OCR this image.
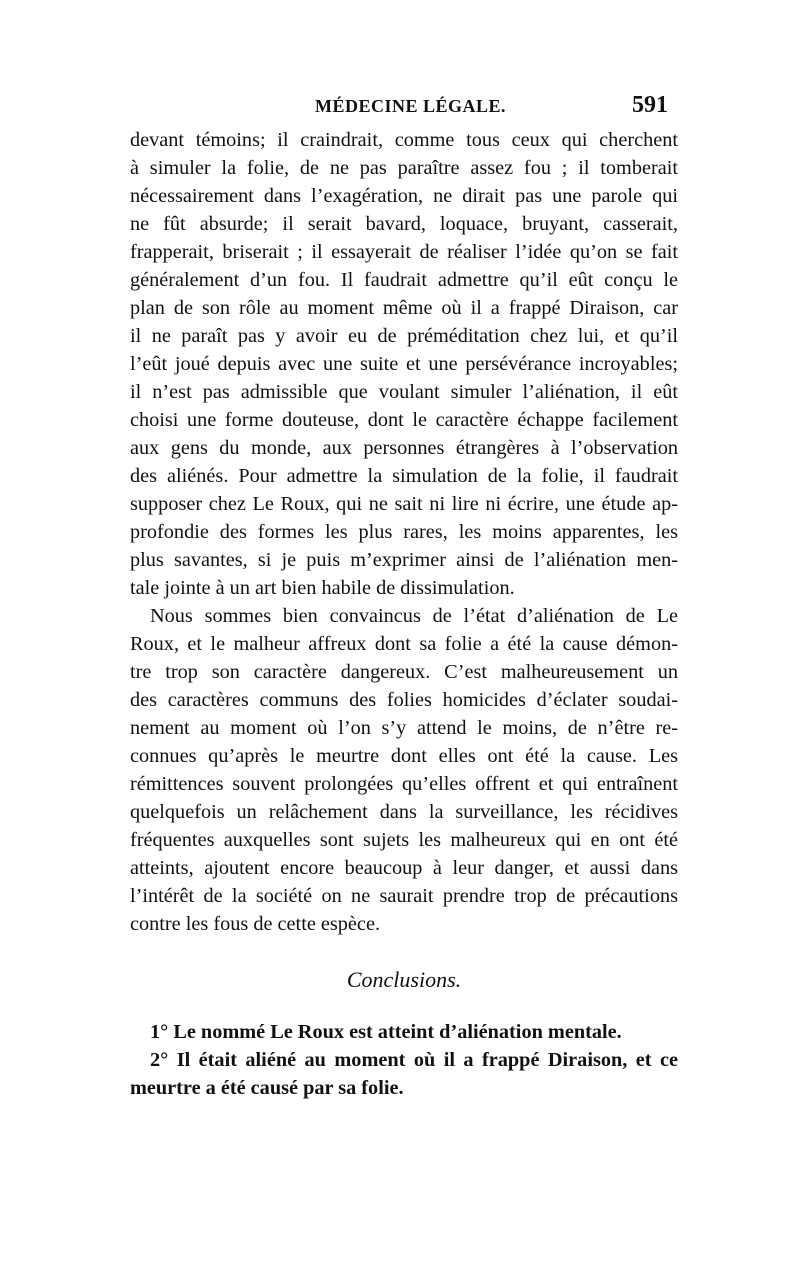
MÉDECINE LÉGALE.	591
devant témoins; il craindrait, comme tous ceux qui cherchent
à simuler la folie, de ne pas paraître assez fou ; il tomberait
nécessairement dans l’exagération, ne dirait pas une parole qui
ne fût absurde; il serait bavard, loquace, bruyant, casserait,
frapperait, briserait ; il essayerait de réaliser l’idée qu’on se fait
généralement d’un fou. Il faudrait admettre qu’il eût conçu le
plan de son rôle au moment même où il a frappé Diraison, car
il ne paraît pas y avoir eu de préméditation chez lui, et qu’il
l’eût joué depuis avec une suite et une persévérance incroyables;
il n’est pas admissible que voulant simuler l’aliénation, il eût
choisi une forme douteuse, dont le caractère échappe facilement
aux gens du monde, aux personnes étrangères à l’observation
des aliénés. Pour admettre la simulation de la folie, il faudrait
supposer chez Le Roux, qui ne sait ni lire ni écrire, une étude ap-
profondie des formes les plus rares, les moins apparentes, les
plus savantes, si je puis m’exprimer ainsi de l’aliénation men-
tale jointe à un art bien habile de dissimulation.
Nous sommes bien convaincus de l’état d’aliénation de Le
Roux, et le malheur affreux dont sa folie a été la cause démon-
tre trop son caractère dangereux. C’est malheureusement un
des caractères communs des folies homicides d’éclater soudai-
nement au moment où l’on s’y attend le moins, de n’être re-
connues qu’après le meurtre dont elles ont été la cause. Les
rémittences souvent prolongées qu’elles offrent et qui entraînent
quelquefois un relâchement dans la surveillance, les récidives
fréquentes auxquelles sont sujets les malheureux qui en ont été
atteints, ajoutent encore beaucoup à leur danger, et aussi dans
l’intérêt de la société on ne saurait prendre trop de précautions
contre les fous de cette espèce.
Conclusions.
1° Le nommé Le Roux est atteint d’aliénation mentale.
2° Il était aliéné au moment où il a frappé Diraison, et ce
meurtre a été causé par sa folie.
